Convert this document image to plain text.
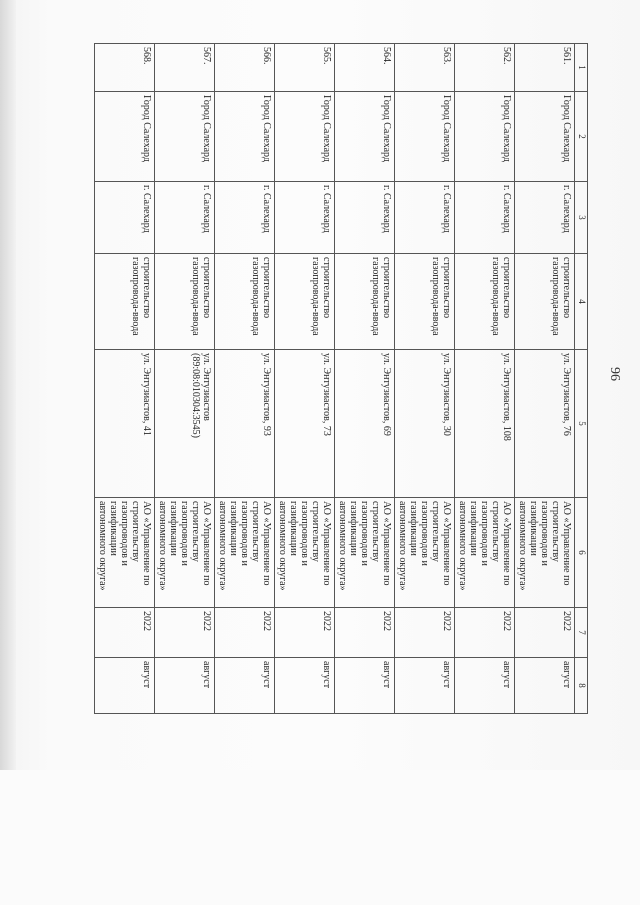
96
1	2	3	4	5	6	7	8
561.	Город Салехард	г. Салехард	строительство газопровода-ввода	ул. Энтузиастов, 76	АО «Управление по строительству газопроводов и газификации автономного округа»	2022	август
562.	Город Салехард	г. Салехард	строительство газопровода-ввода	ул. Энтузиастов, 108	АО «Управление по строительству газопроводов и газификации автономного округа»	2022	август
563.	Город Салехард	г. Салехард	строительство газопровода-ввода	ул. Энтузиастов, 30	АО «Управление по строительству газопроводов и газификации автономного округа»	2022	август
564.	Город Салехард	г. Салехард	строительство газопровода-ввода	ул. Энтузиастов, 69	АО «Управление по строительству газопроводов и газификации автономного округа»	2022	август
565.	Город Салехард	г. Салехард	строительство газопровода-ввода	ул. Энтузиастов, 73	АО «Управление по строительству газопроводов и газификации автономного округа»	2022	август
566.	Город Салехард	г. Салехард	строительство газопровода-ввода	ул. Энтузиастов, 93	АО «Управление по строительству газопроводов и газификации автономного округа»	2022	август
567.	Город Салехард	г. Салехард	строительство газопровода-ввода	ул. Энтузиастов (89:08:010304:3545)	АО «Управление по строительству газопроводов и газификации автономного округа»	2022	август
568.	Город Салехард	г. Салехард	строительство газопровода-ввода	ул. Энтузиастов, 41	АО «Управление по строительству газопроводов и газификации автономного округа»	2022	август
